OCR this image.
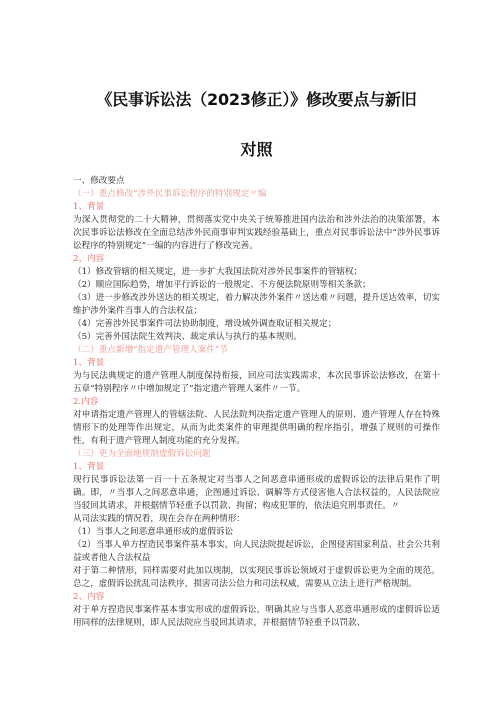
《民事诉讼法（2023修正）》修改要点与新旧
对照

一、修改要点

（一）重点修改“涉外民事诉讼程序的特别规定〃编

1、背景

为深入贯彻党的二十大精神，贯彻落实党中央关于统筹推进国内法治和涉外法治的决策部署，本次民事诉讼法修改在全面总结涉外民商事审判实践经验基础上，重点对民事诉讼法中“涉外民事诉讼程序的特别规定“一编的内容进行了修改完善。

2、内容

（1）修改管辖的相关规定，进一步扩大我国法院对涉外民事案件的管辖权；

（2）顺应国际趋势，增加平行诉讼的一般规定、不方便法院原则等相关条款；

（3）进一步修改涉外送达的相关规定，着力解决涉外案件〃送达难〃问题，提升送达效率，切实维护涉外案件当事人的合法权益；

（4）完善涉外民事案件司法协助制度，增设域外调查取证相关规定；

（5）完善外国法院生效判决、裁定承认与执行的基本规则。

（二）重点新增“指定遗产管理人案件”节

1、背景

为与民法典规定的遗产管理人制度保持衔接，回应司法实践需求，本次民事诉讼法修改，在第十五章“特别程序〃中增加规定了”指定遗产管理人案件〃一节。

2.内容

对申请指定遗产管理人的管辖法院、人民法院判决指定遗产管理人的原则、遗产管理人存在特殊情形下的处理等作出规定，从而为此类案件的审理提供明确的程序指引，增强了规则的可操作性，有利于遗产管理人制度功能的充分发挥。

（三）更为全面地规制虚假诉讼问题

1、背景

现行民事诉讼法第一百一十五条规定对当事人之间恶意串通形成的虚假诉讼的法律后果作了明确。即，〃当事人之间恶意串通，企图通过诉讼、调解等方式侵害他人合法权益的，人民法院应当驳回其请求，并根据情节轻重予以罚款、拘留；构成犯罪的，依法追究刑事责任。〃

从司法实践的情况看，现在会存在两种情形：

（1）当事人之间恶意串通形成的虚假诉讼

（2）当事人单方捏造民事案件基本事实，向人民法院提起诉讼，企图侵害国家利益、社会公共利益或者他人合法权益

对于第二种情形，同样需要对此加以规制，以实现民事诉讼领域对于虚假诉讼更为全面的规范。总之，虚假诉讼扰乱司法秩序，损害司法公信力和司法权威，需要从立法上进行严格规制。

2、内容

对于单方捏造民事案件基本事实形成的虚假诉讼，明确其应与当事人恶意串通形成的虚假诉讼适用同样的法律规则，即人民法院应当驳回其请求，并根据情节轻重予以罚款、
